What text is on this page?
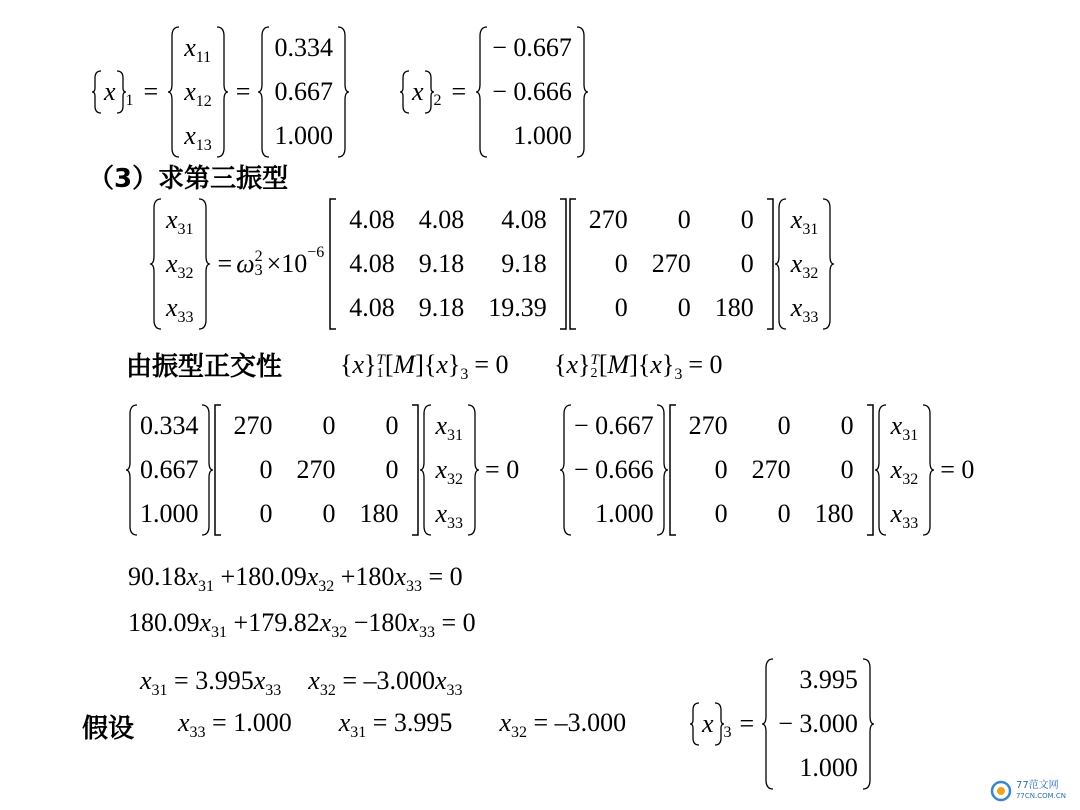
x 1 =
$x_{11}$
$x_{12}$
$x_{13}$
=
0.334
0.667
1.000
x 2 =
− 0.667
− 0.666
1.000
（3）求第三振型
$x_{31}$
$x_{32}$
$x_{33}$
= ω 2
3 ×10 −6
4.08 4.08	4.08
4.08 9.18	9.18
4.08 9.18 19.39
270	0	0
0 270	0
0	0 180
$x_{31}$
$x_{32}$
$x_{33}$
由振型正交性 {x} T
1 $[M]\{x\}_3 = 0$ {x} T
2 $[M]\{x\}_3 = 0$
0.334
0.667
1.000
270	0	0
0 270	0
0	0 180
$x_{31}$
$x_{32}$
$x_{33}$
= 0
− 0.667
− 0.666
1.000
270	0	0
0 270	0
0	0 180
$x_{31}$
$x_{32}$
$x_{33}$
= 0
$90.18x_{31} +180.09x_{32} +180x_{33} = 0$
$180.09x_{31} +179.82x_{32} -180x_{33} = 0$
$x_{31} = 3.995x_{33}$ $x_{32} = -3.000x_{33}$
假设 $x_{33} = 1.000$ $x_{31} = 3.995$ $x_{32} = -3.000$	x 3 =
3.995
− 3.000
1.000
77范文网
77CN.COM.CN
